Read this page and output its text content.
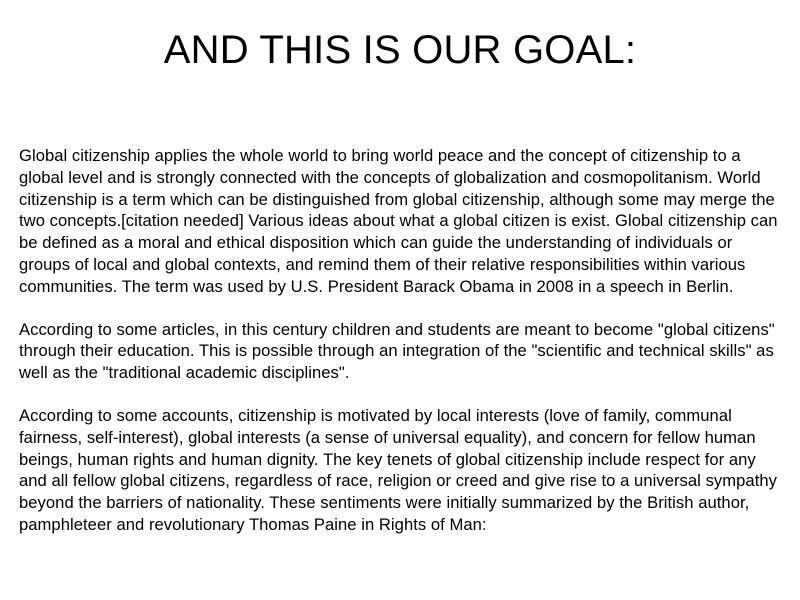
AND THIS IS OUR GOAL:

Global citizenship applies the whole world to bring world peace and the concept of citizenship to a global level and is strongly connected with the concepts of globalization and cosmopolitanism. World citizenship is a term which can be distinguished from global citizenship, although some may merge the two concepts.[citation needed] Various ideas about what a global citizen is exist. Global citizenship can be defined as a moral and ethical disposition which can guide the understanding of individuals or groups of local and global contexts, and remind them of their relative responsibilities within various communities. The term was used by U.S. President Barack Obama in 2008 in a speech in Berlin.

According to some articles, in this century children and students are meant to become "global citizens" through their education. This is possible through an integration of the "scientific and technical skills" as well as the "traditional academic disciplines".

According to some accounts, citizenship is motivated by local interests (love of family, communal fairness, self-interest), global interests (a sense of universal equality), and concern for fellow human beings, human rights and human dignity. The key tenets of global citizenship include respect for any and all fellow global citizens, regardless of race, religion or creed and give rise to a universal sympathy beyond the barriers of nationality. These sentiments were initially summarized by the British author, pamphleteer and revolutionary Thomas Paine in Rights of Man:
